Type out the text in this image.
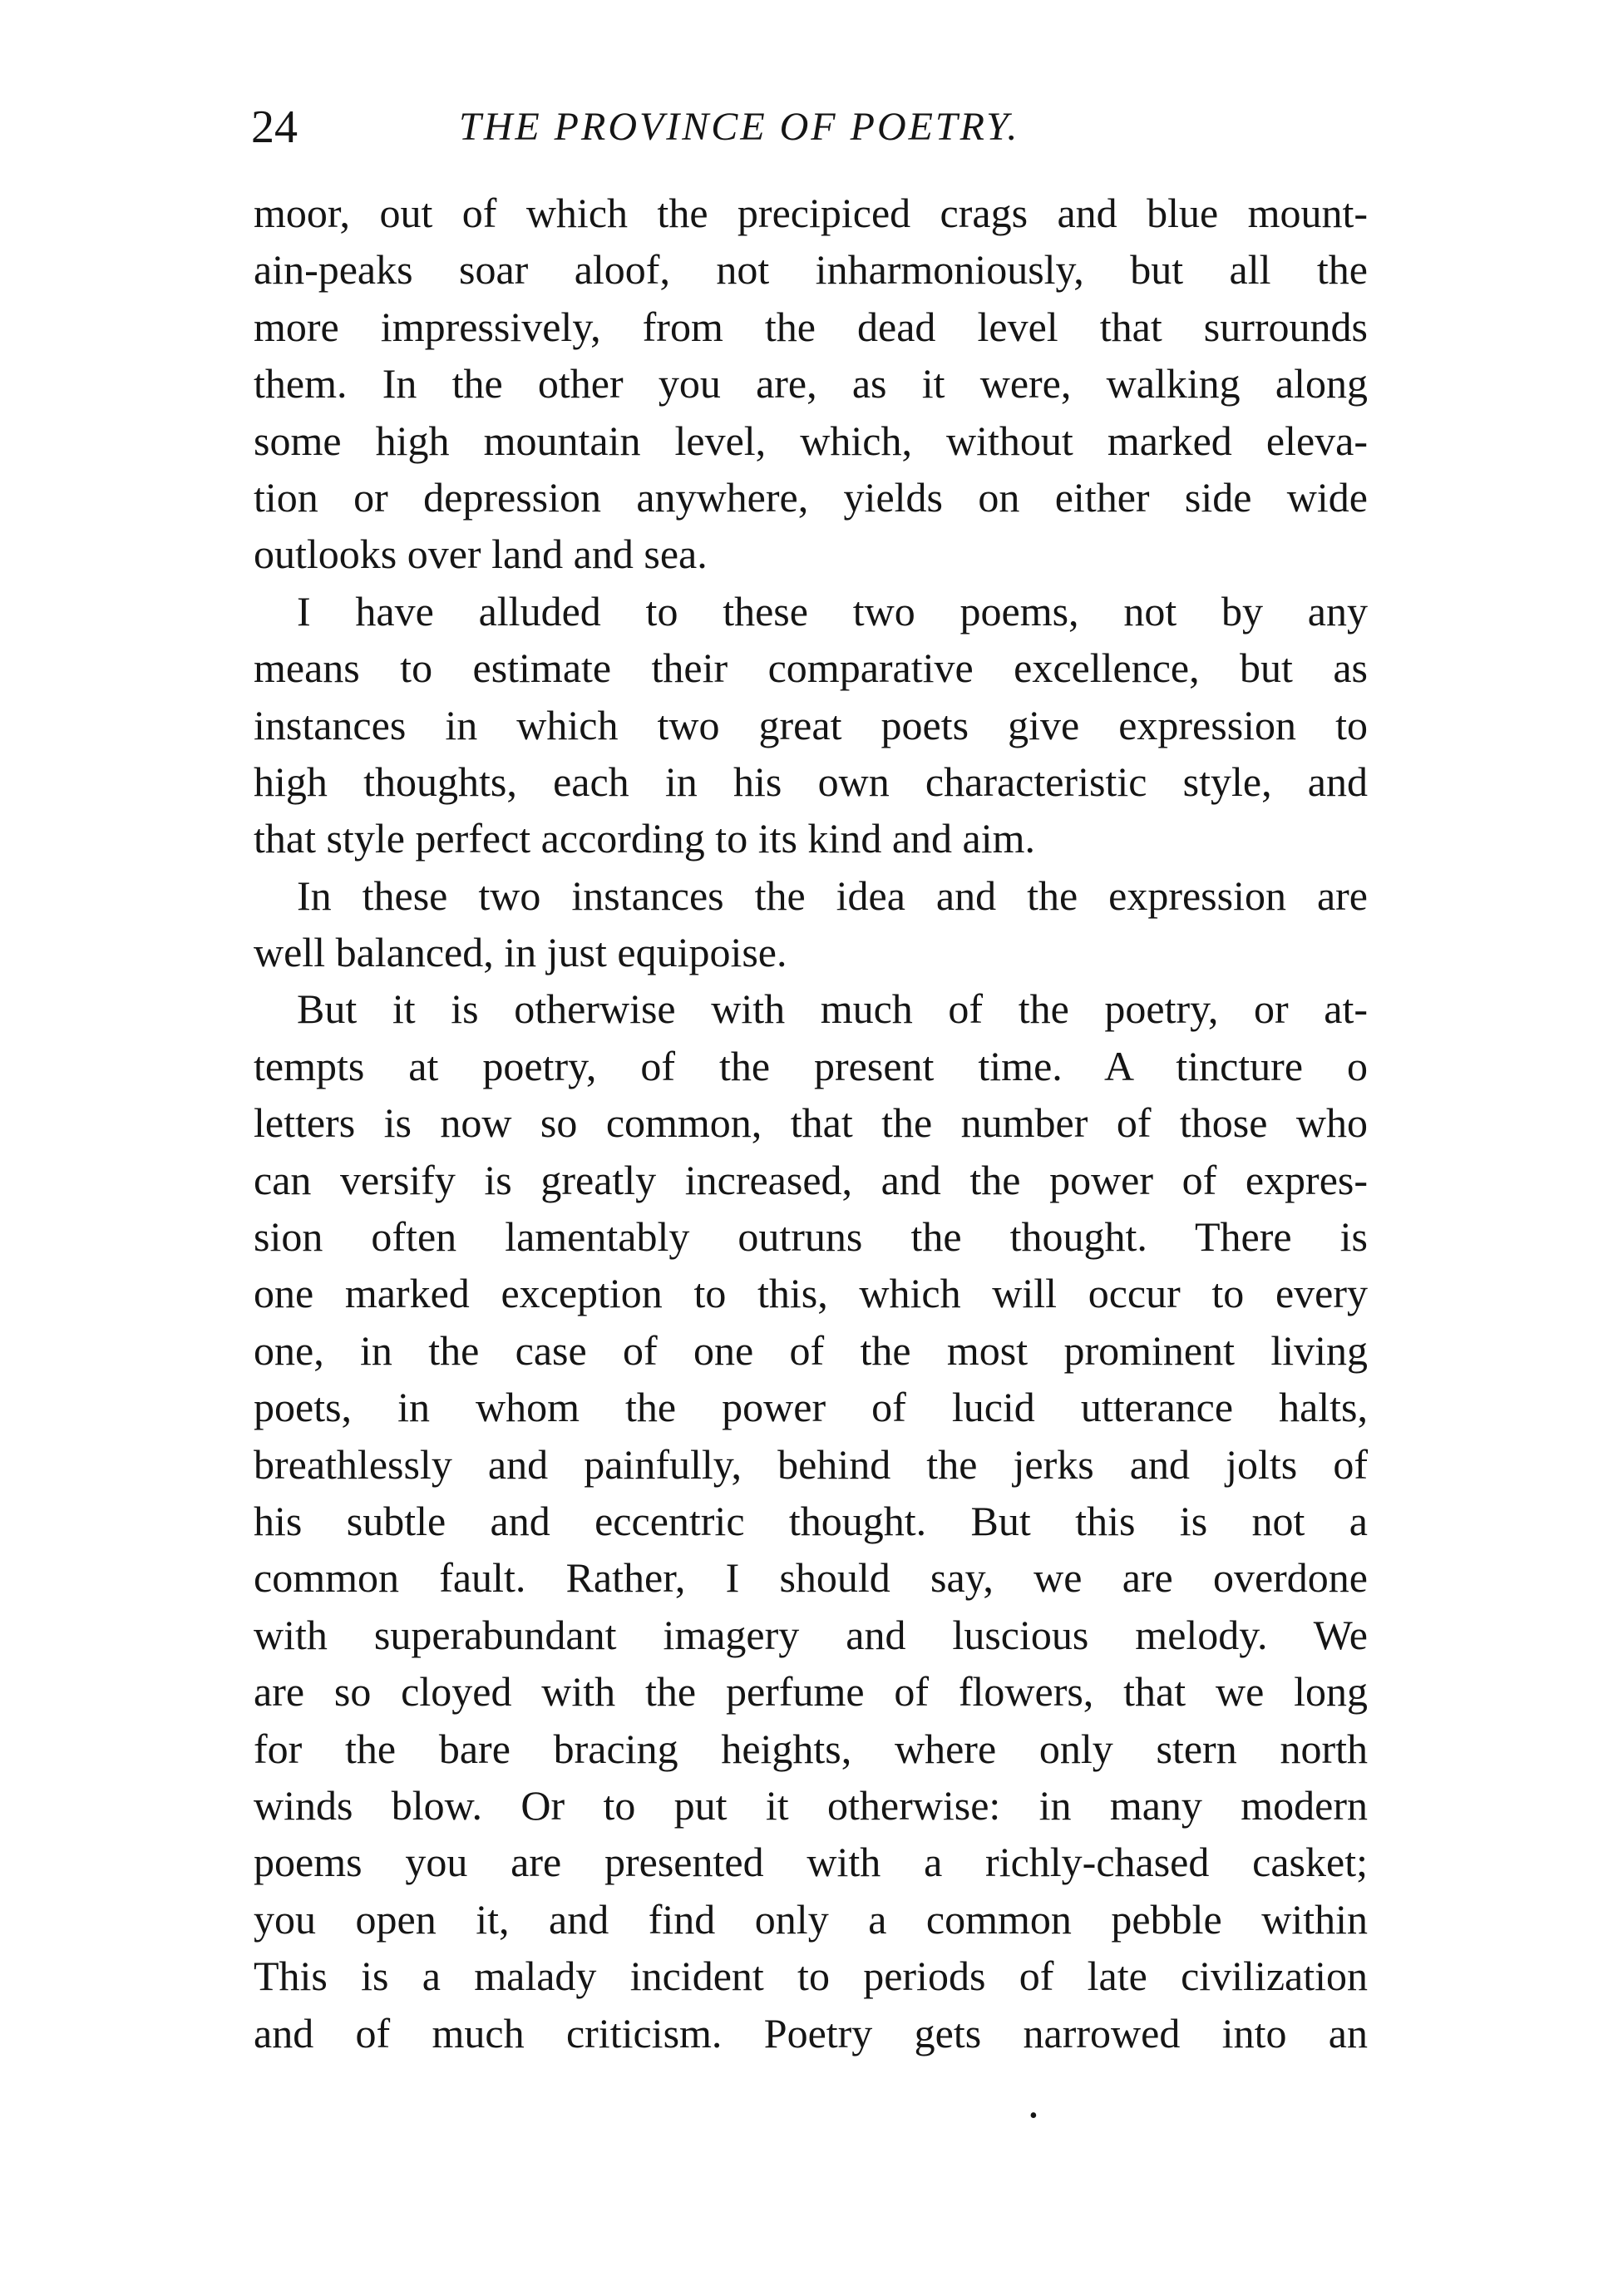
24	THE PROVINCE OF POETRY.
moor, out of which the precipiced crags and blue mount-
ain-peaks soar aloof, not inharmoniously, but all the
more impressively, from the dead level that surrounds
them. In the other you are, as it were, walking along
some high mountain level, which, without marked eleva-
tion or depression anywhere, yields on either side wide
outlooks over land and sea.
I have alluded to these two poems, not by any
means to estimate their comparative excellence, but as
instances in which two great poets give expression to
high thoughts, each in his own characteristic style, and
that style perfect according to its kind and aim.
In these two instances the idea and the expression are
well balanced, in just equipoise.
But it is otherwise with much of the poetry, or at-
tempts at poetry, of the present time. A tincture o
letters is now so common, that the number of those who
can versify is greatly increased, and the power of expres-
sion often lamentably outruns the thought. There is
one marked exception to this, which will occur to every
one, in the case of one of the most prominent living
poets, in whom the power of lucid utterance halts,
breathlessly and painfully, behind the jerks and jolts of
his subtle and eccentric thought. But this is not a
common fault. Rather, I should say, we are overdone
with superabundant imagery and luscious melody. We
are so cloyed with the perfume of flowers, that we long
for the bare bracing heights, where only stern north
winds blow. Or to put it otherwise: in many modern
poems you are presented with a richly-chased casket;
you open it, and find only a common pebble within
This is a malady incident to periods of late civilization
and of much criticism. Poetry gets narrowed into an
•
